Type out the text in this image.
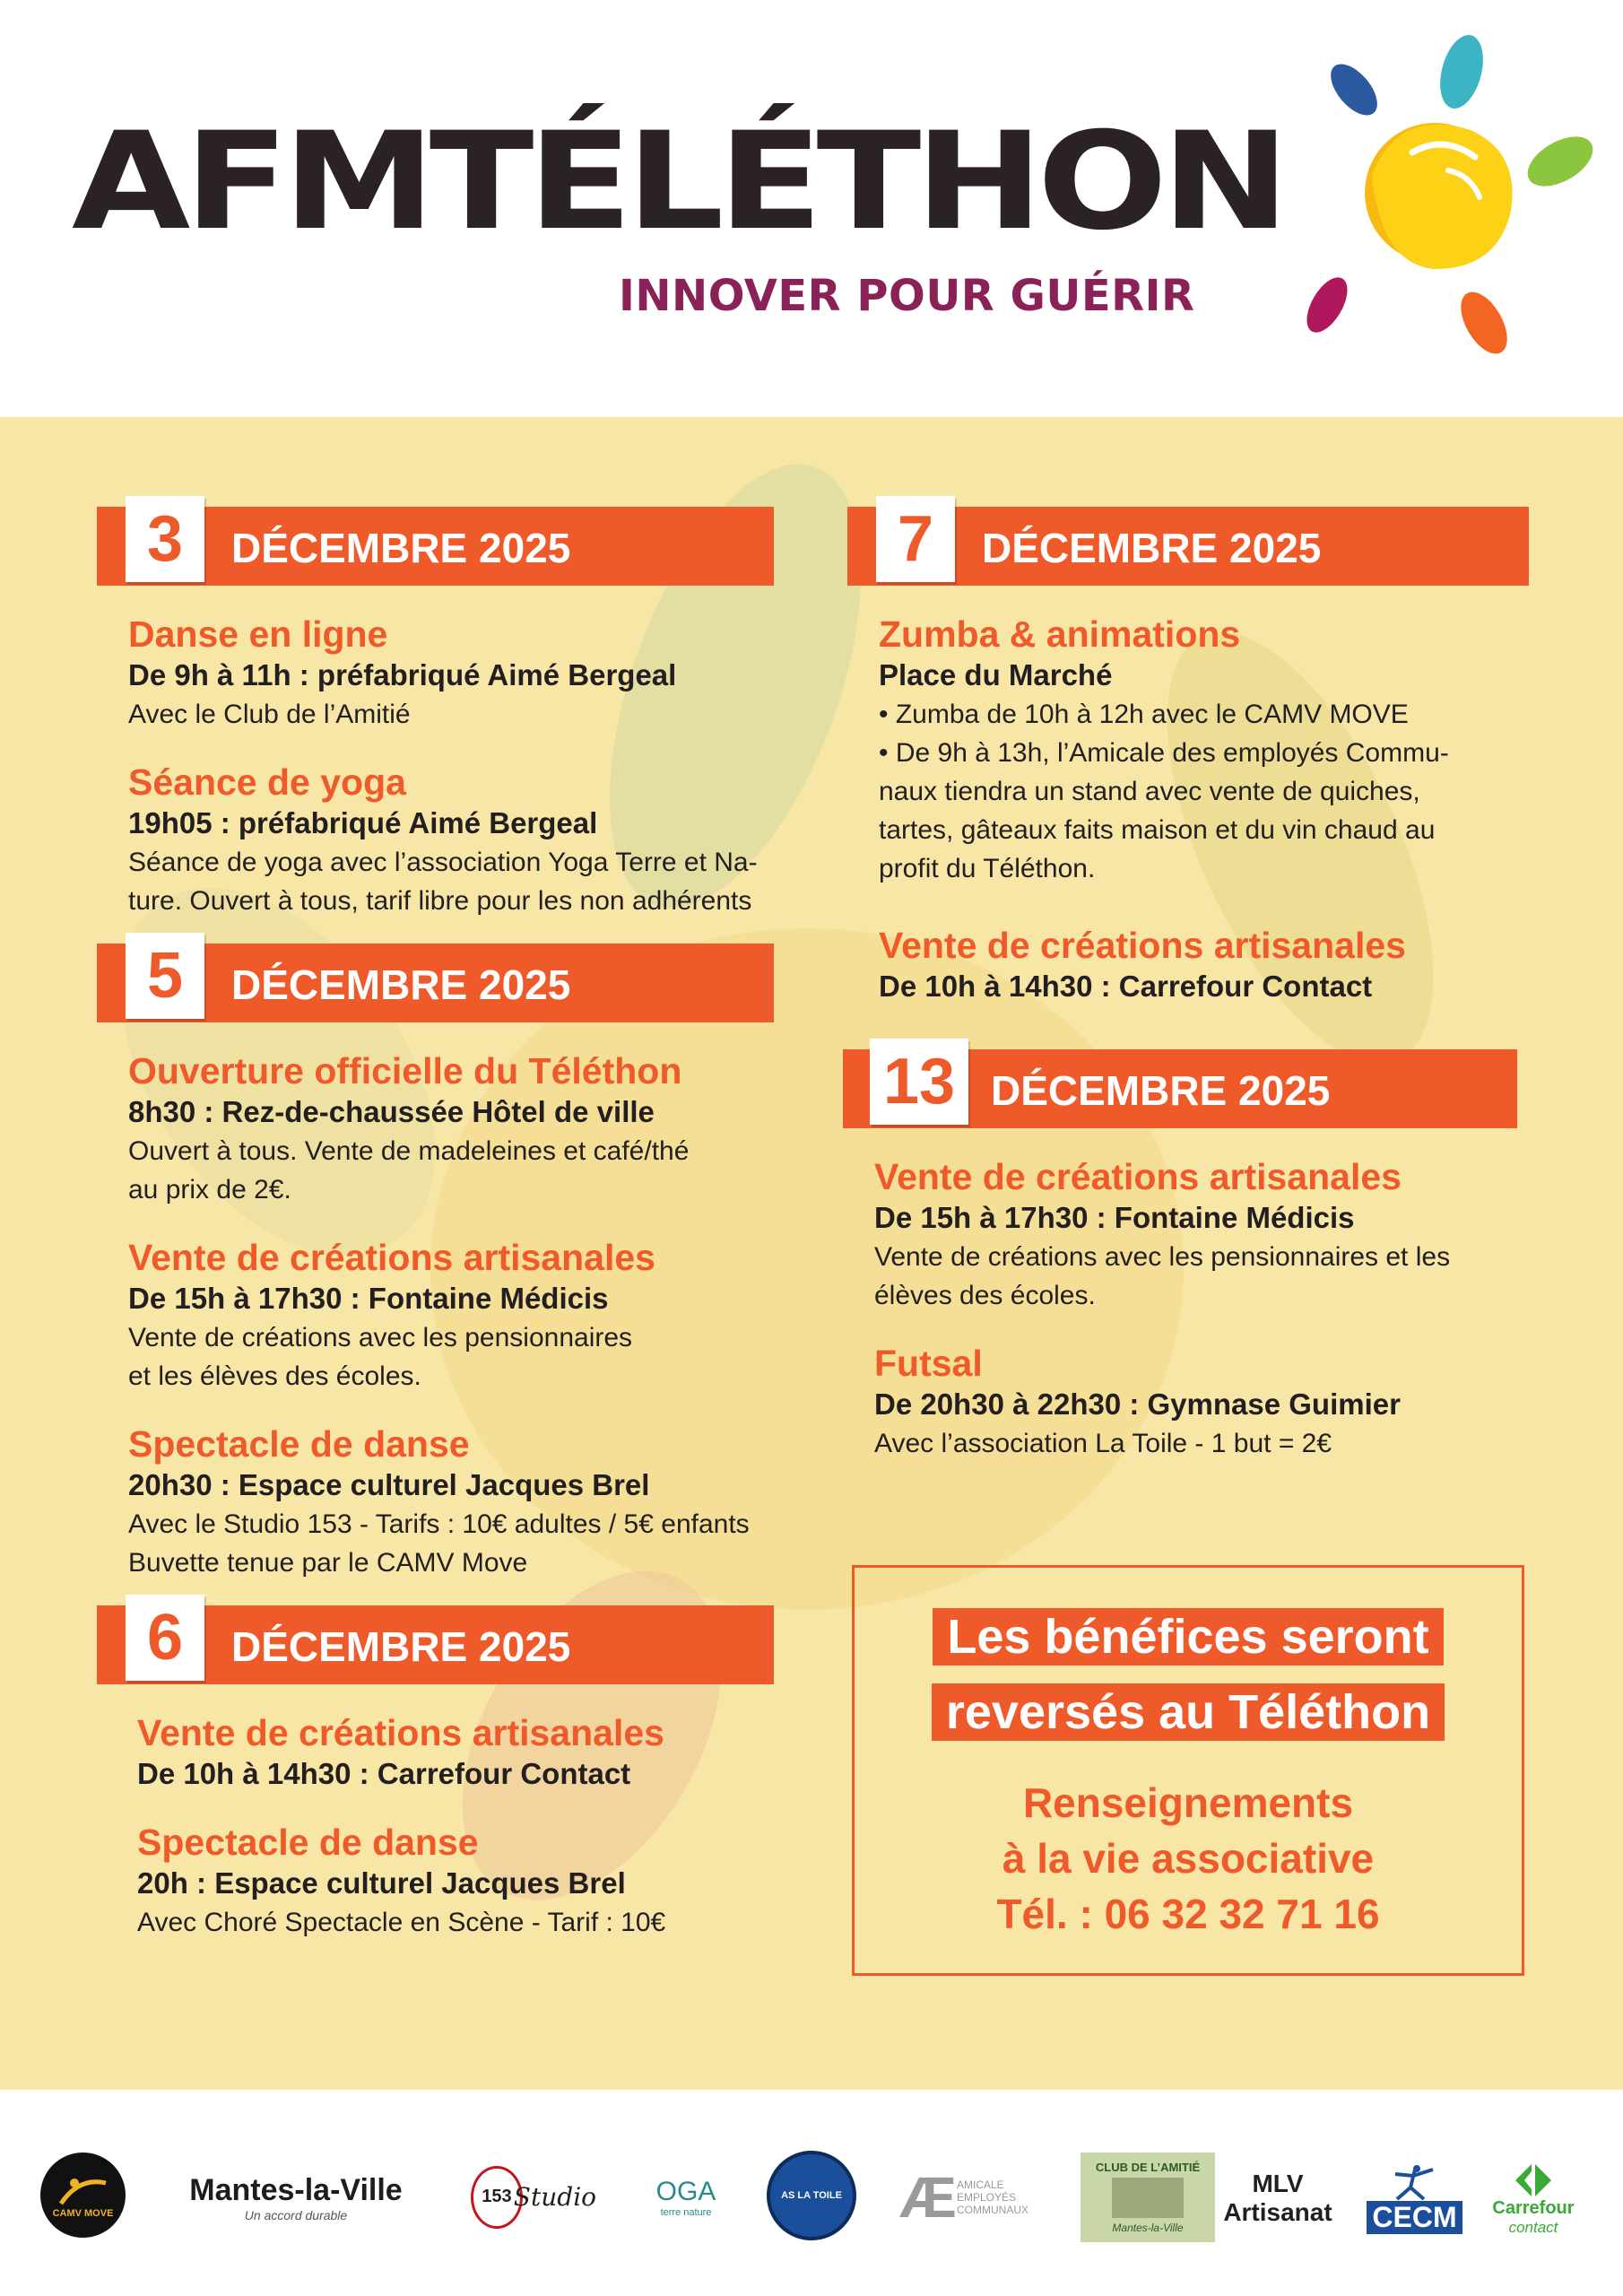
AFMTÉLÉTHON
INNOVER POUR GUÉRIR
3	DÉCEMBRE 2025
Danse en ligne
De 9h à 11h : préfabriqué Aimé Bergeal
Avec le Club de l’Amitié
Séance de yoga
19h05 : préfabriqué Aimé Bergeal
Séance de yoga avec l’association Yoga Terre et Na-
ture. Ouvert à tous, tarif libre pour les non adhérents
5	DÉCEMBRE 2025
Ouverture officielle du Téléthon
8h30 : Rez-de-chaussée Hôtel de ville
Ouvert à tous. Vente de madeleines et café/thé
au prix de 2€.
Vente de créations artisanales
De 15h à 17h30 : Fontaine Médicis
Vente de créations avec les pensionnaires
et les élèves des écoles.
Spectacle de danse
20h30 : Espace culturel Jacques Brel
Avec le Studio 153 - Tarifs : 10€ adultes / 5€ enfants
Buvette tenue par le CAMV Move
6	DÉCEMBRE 2025
Vente de créations artisanales
De 10h à 14h30 : Carrefour Contact
Spectacle de danse
20h : Espace culturel Jacques Brel
Avec Choré Spectacle en Scène - Tarif : 10€
7	DÉCEMBRE 2025
Zumba & animations
Place du Marché
• Zumba de 10h à 12h avec le CAMV MOVE
• De 9h à 13h, l’Amicale des employés Commu-
naux tiendra un stand avec vente de quiches,
tartes, gâteaux faits maison et du vin chaud au
profit du Téléthon.
Vente de créations artisanales
De 10h à 14h30 : Carrefour Contact
13 DÉCEMBRE 2025
Vente de créations artisanales
De 15h à 17h30 : Fontaine Médicis
Vente de créations avec les pensionnaires et les
élèves des écoles.
Futsal
De 20h30 à 22h30 : Gymnase Guimier
Avec l’association La Toile - 1 but = 2€
Les bénéfices seront
reversés au Téléthon
Renseignements
à la vie associative
Tél. : 06 32 32 71 16
CAMV MOVE
Mantes-la-Ville
Un accord durable
153 Studio OGA
terre nature
AS LA TOILE Æ AMICALE EMPLOYÉS COMMUNAUX
CLUB DE L’AMITIÉ
Mantes-la-Ville
MLV
Artisanat CECM	Carrefour
contact
